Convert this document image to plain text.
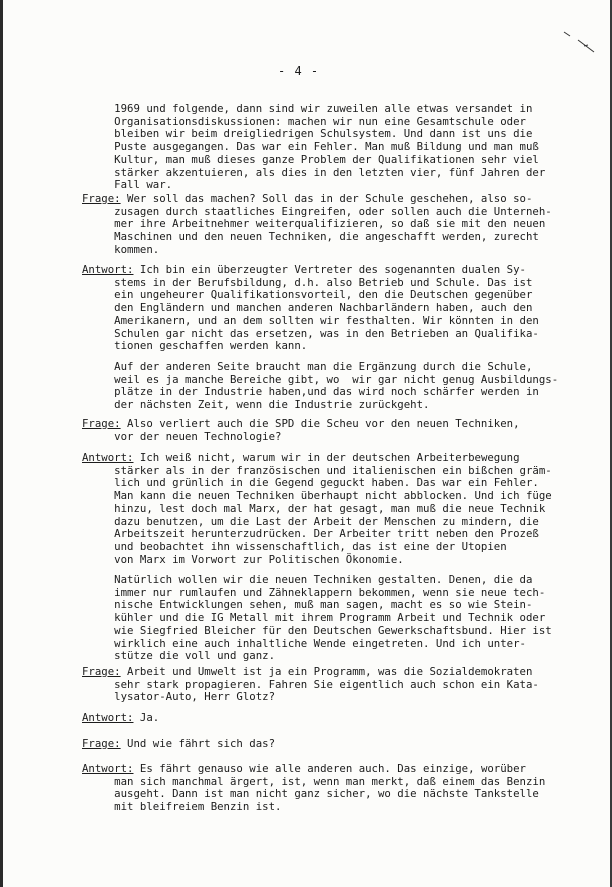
- 4 -
1969 und folgende, dann sind wir zuweilen alle etwas versandet in
Organisationsdiskussionen: machen wir nun eine Gesamtschule oder
bleiben wir beim dreigliedrigen Schulsystem. Und dann ist uns die
Puste ausgegangen. Das war ein Fehler. Man muß Bildung und man muß
Kultur, man muß dieses ganze Problem der Qualifikationen sehr viel
stärker akzentuieren, als dies in den letzten vier, fünf Jahren der
Fall war.
Frage: Wer soll das machen? Soll das in der Schule geschehen, also so-
zusagen durch staatliches Eingreifen, oder sollen auch die Unterneh-
mer ihre Arbeitnehmer weiterqualifizieren, so daß sie mit den neuen
Maschinen und den neuen Techniken, die angeschafft werden, zurecht
kommen.
Antwort: Ich bin ein überzeugter Vertreter des sogenannten dualen Sy-
stems in der Berufsbildung, d.h. also Betrieb und Schule. Das ist
ein ungeheurer Qualifikationsvorteil, den die Deutschen gegenüber
den Engländern und manchen anderen Nachbarländern haben, auch den
Amerikanern, und an dem sollten wir festhalten. Wir könnten in den
Schulen gar nicht das ersetzen, was in den Betrieben an Qualifika-
tionen geschaffen werden kann.
Auf der anderen Seite braucht man die Ergänzung durch die Schule,
weil es ja manche Bereiche gibt, wo  wir gar nicht genug Ausbildungs-
plätze in der Industrie haben,und das wird noch schärfer werden in
der nächsten Zeit, wenn die Industrie zurückgeht.
Frage: Also verliert auch die SPD die Scheu vor den neuen Techniken,
vor der neuen Technologie?
Antwort: Ich weiß nicht, warum wir in der deutschen Arbeiterbewegung
stärker als in der französischen und italienischen ein bißchen gräm-
lich und grünlich in die Gegend geguckt haben. Das war ein Fehler.
Man kann die neuen Techniken überhaupt nicht abblocken. Und ich füge
hinzu, lest doch mal Marx, der hat gesagt, man muß die neue Technik
dazu benutzen, um die Last der Arbeit der Menschen zu mindern, die
Arbeitszeit herunterzudrücken. Der Arbeiter tritt neben den Prozeß
und beobachtet ihn wissenschaftlich, das ist eine der Utopien
von Marx im Vorwort zur Politischen Ökonomie.
Natürlich wollen wir die neuen Techniken gestalten. Denen, die da
immer nur rumlaufen und Zähneklappern bekommen, wenn sie neue tech-
nische Entwicklungen sehen, muß man sagen, macht es so wie Stein-
kühler und die IG Metall mit ihrem Programm Arbeit und Technik oder
wie Siegfried Bleicher für den Deutschen Gewerkschaftsbund. Hier ist
wirklich eine auch inhaltliche Wende eingetreten. Und ich unter-
stütze die voll und ganz.
Frage: Arbeit und Umwelt ist ja ein Programm, was die Sozialdemokraten
sehr stark propagieren. Fahren Sie eigentlich auch schon ein Kata-
lysator-Auto, Herr Glotz?
Antwort: Ja.
Frage: Und wie fährt sich das?
Antwort: Es fährt genauso wie alle anderen auch. Das einzige, worüber
man sich manchmal ärgert, ist, wenn man merkt, daß einem das Benzin
ausgeht. Dann ist man nicht ganz sicher, wo die nächste Tankstelle
mit bleifreiem Benzin ist.
